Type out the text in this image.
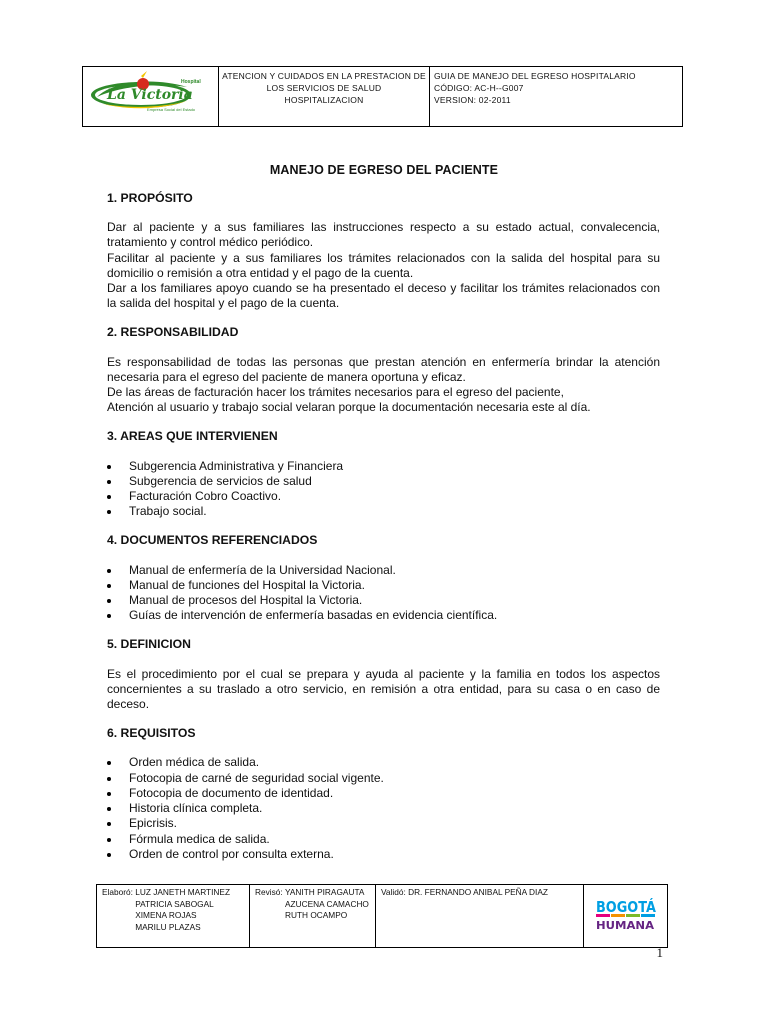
La Victoria
Hospital
Empresa Social del Estado

ATENCION Y CUIDADOS EN LA PRESTACION DE
LOS SERVICIOS DE SALUD
HOSPITALIZACION

GUIA DE MANEJO DEL EGRESO HOSPITALARIO
CÓDIGO: AC-H--G007
VERSION: 02-2011
MANEJO DE EGRESO DEL PACIENTE

1. PROPÓSITO

Dar al paciente y a sus familiares las instrucciones respecto a su estado actual, convalecencia, tratamiento y control médico periódico.

Facilitar al paciente y a sus familiares los trámites relacionados con la salida del hospital para su domicilio o remisión a otra entidad y el pago de la cuenta.

Dar a los familiares apoyo cuando se ha presentado el deceso y facilitar los trámites relacionados con la salida del hospital y el pago de la cuenta.

2. RESPONSABILIDAD

Es responsabilidad de todas las personas que prestan atención en enfermería brindar la atención necesaria para el egreso del paciente de manera oportuna y eficaz.

De las áreas de facturación hacer los trámites necesarios para el egreso del paciente,

Atención al usuario y trabajo social velaran porque la documentación necesaria este al día.

3. AREAS QUE INTERVIENEN

Subgerencia Administrativa y Financiera
Subgerencia de servicios de salud
Facturación Cobro Coactivo.
Trabajo social.

4. DOCUMENTOS REFERENCIADOS

Manual de enfermería de la Universidad Nacional.
Manual de funciones del Hospital la Victoria.
Manual de procesos del Hospital la Victoria.
Guías de intervención de enfermería basadas en evidencia científica.

5. DEFINICION

Es el procedimiento por el cual se prepara y ayuda al paciente y la familia en todos los aspectos concernientes a su traslado a otro servicio, en remisión a otra entidad, para su casa o en caso de deceso.

6. REQUISITOS

Orden médica de salida.
Fotocopia de carné de seguridad social vigente.
Fotocopia de documento de identidad.
Historia clínica completa.
Epicrisis.
Fórmula medica de salida.
Orden de control por consulta externa.
Elaboró: LUZ JANETH MARTINEZ
PATRICIA SABOGAL
XIMENA ROJAS
MARILU PLAZAS
	Revisó: YANITH PIRAGAUTA
AZUCENA CAMACHO
RUTH OCAMPO
	Validó: DR. FERNANDO ANIBAL PEÑA DIAZ	
BOGOTÁ
HUMANA
1
